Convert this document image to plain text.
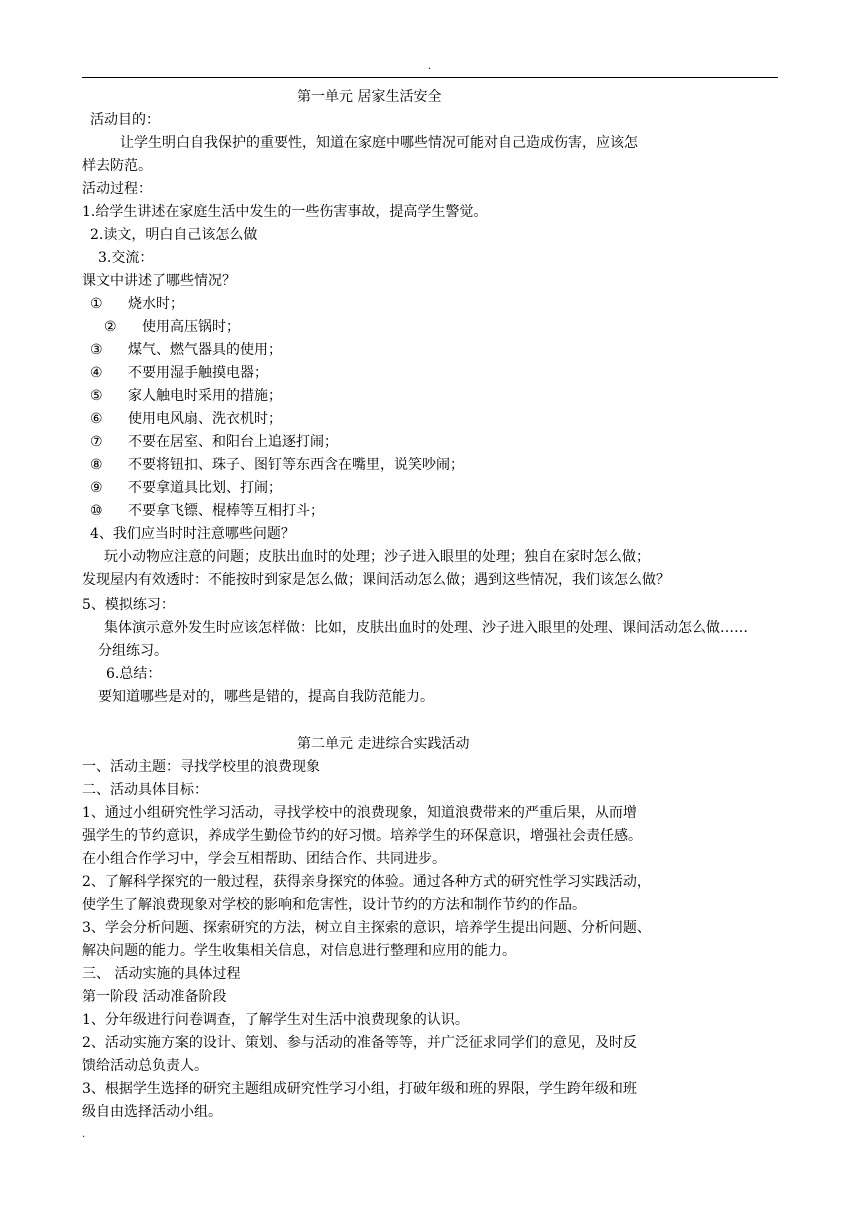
.
第一单元 居家生活安全
活动目的：
让学生明白自我保护的重要性，知道在家庭中哪些情况可能对自己造成伤害，应该怎
样去防范。
活动过程：
1.给学生讲述在家庭生活中发生的一些伤害事故，提高学生警觉。
2.读文，明白自己该怎么做
3.交流：
课文中讲述了哪些情况？
① 烧水时；
② 使用高压锅时；
③ 煤气、燃气器具的使用；
④ 不要用湿手触摸电器；
⑤ 家人触电时采用的措施；
⑥ 使用电风扇、洗衣机时；
⑦ 不要在居室、和阳台上追逐打闹；
⑧ 不要将钮扣、珠子、图钉等东西含在嘴里，说笑吵闹；
⑨ 不要拿道具比划、打闹；
⑩ 不要拿飞镖、棍棒等互相打斗；
4、我们应当时时注意哪些问题？
玩小动物应注意的问题；皮肤出血时的处理；沙子进入眼里的处理；独自在家时怎么做；
发现屋内有效透时：不能按时到家是怎么做；课间活动怎么做；遇到这些情况，我们该怎么做？
5、模拟练习：
集体演示意外发生时应该怎样做：比如，皮肤出血时的处理、沙子进入眼里的处理、课间活动怎么做……
分组练习。
6.总结：
要知道哪些是对的，哪些是错的，提高自我防范能力。
第二单元 走进综合实践活动
一、活动主题：寻找学校里的浪费现象
二、活动具体目标：
1、通过小组研究性学习活动，寻找学校中的浪费现象，知道浪费带来的严重后果，从而增
强学生的节约意识，养成学生勤俭节约的好习惯。培养学生的环保意识，增强社会责任感。
在小组合作学习中，学会互相帮助、团结合作、共同进步。
2、了解科学探究的一般过程，获得亲身探究的体验。通过各种方式的研究性学习实践活动，
使学生了解浪费现象对学校的影响和危害性，设计节约的方法和制作节约的作品。
3、学会分析问题、探索研究的方法，树立自主探索的意识，培养学生提出问题、分析问题、
解决问题的能力。学生收集相关信息，对信息进行整理和应用的能力。
三、 活动实施的具体过程
第一阶段 活动准备阶段
1、分年级进行问卷调查，了解学生对生活中浪费现象的认识。
2、活动实施方案的设计、策划、参与活动的准备等等，并广泛征求同学们的意见，及时反
馈给活动总负责人。
3、根据学生选择的研究主题组成研究性学习小组，打破年级和班的界限，学生跨年级和班
级自由选择活动小组。
.
